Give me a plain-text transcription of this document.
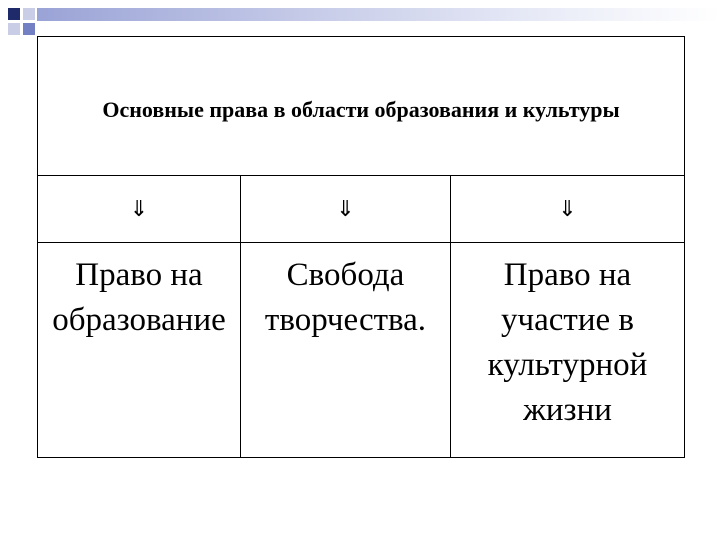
Основные права в области образования и культуры
⇓	⇓	⇓
Право на образование
Свобода творчества.
Право на участие в культурной жизни
